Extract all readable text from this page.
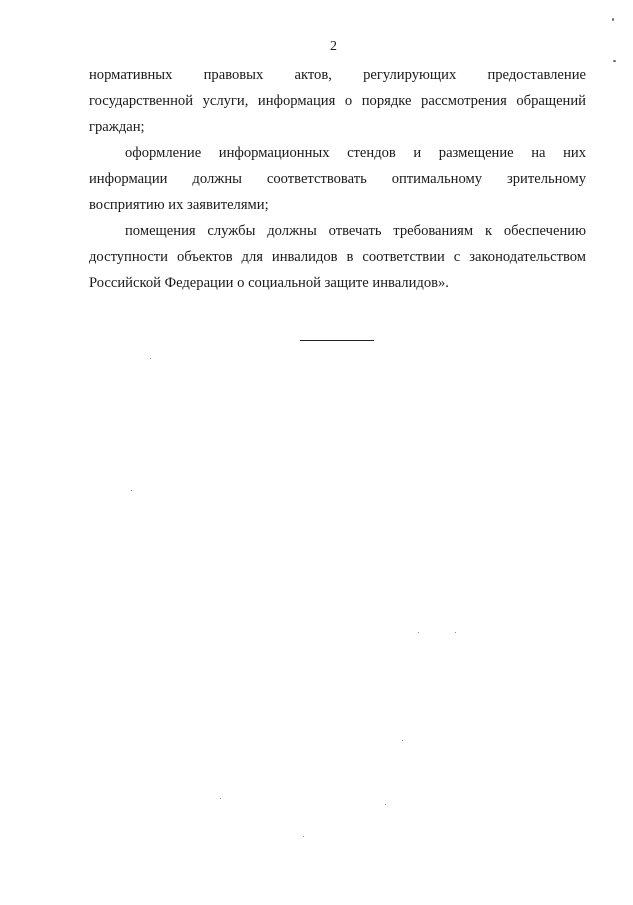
2

нормативных правовых актов, регулирующих предоставление
государственной услуги, информация о порядке рассмотрения обращений
граждан;

оформление информационных стендов и размещение на них
информации должны соответствовать оптимальному зрительному
восприятию их заявителями;

помещения службы должны отвечать требованиям к обеспечению
доступности объектов для инвалидов в соответствии с законодательством
Российской Федерации о социальной защите инвалидов».
